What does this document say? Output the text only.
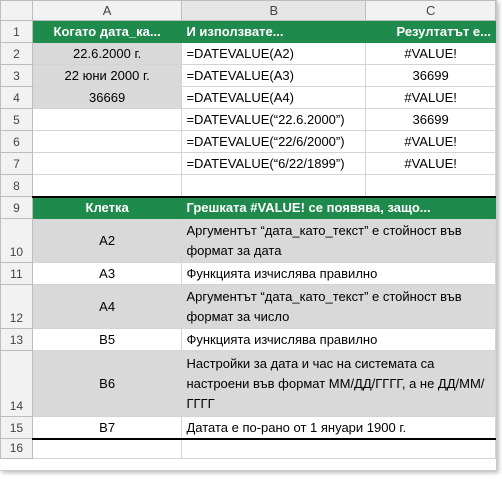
	A	B	C
1	Когато дата_ка...	И използвате...	Резултатът е...
2	22.6.2000 г.	=DATEVALUE(A2)	#VALUE!
3	22 юни 2000 г.	=DATEVALUE(A3)	36699
4	36669	=DATEVALUE(A4)	#VALUE!
5		=DATEVALUE(“22.6.2000”)	36699
6		=DATEVALUE(“22/6/2000”)	#VALUE!
7		=DATEVALUE(“6/22/1899”)	#VALUE!
8			
9	Клетка	Грешката #VALUE! се появява, защо...	
10	A2	Аргументът “дата_като_текст” е стойност във формат за дата	
11	A3	Функцията изчислява правилно	
12	A4	Аргументът “дата_като_текст” е стойност във формат за число	
13	B5	Функцията изчислява правилно	
14	B6	Настройки за дата и час на системата са настроени във формат ММ/ДД/ГГГГ, а не ДД/ММ/ГГГГ	
15	B7	Датата е по-рано от 1 януари 1900 г.	
16			
